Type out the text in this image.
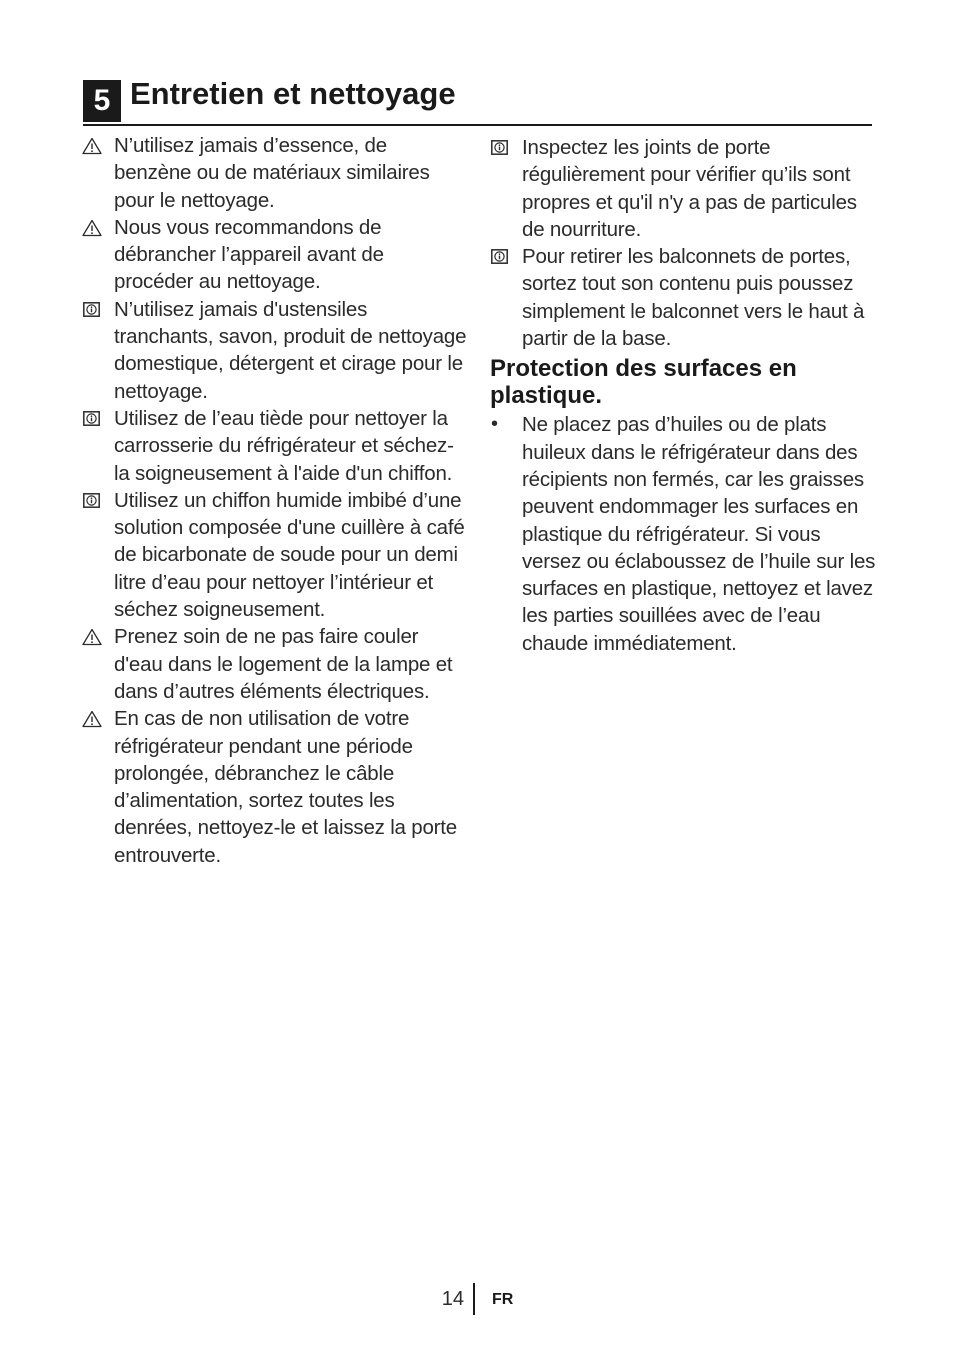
5 Entretien et nettoyage
N’utilisez jamais d’essence, de benzène ou de matériaux similaires pour le nettoyage.
Nous vous recommandons de débrancher l’appareil avant de procéder au nettoyage.
N’utilisez jamais d'ustensiles tranchants, savon, produit de nettoyage domestique, détergent et cirage pour le nettoyage.
Utilisez de l’eau tiède pour nettoyer la carrosserie du réfrigérateur et séchez-la soigneusement à l'aide d'un chiffon.
Utilisez un chiffon humide imbibé d’une solution composée d'une cuillère à café de bicarbonate de soude pour un demi litre d’eau pour nettoyer l’intérieur et séchez soigneusement.
Prenez soin de ne pas faire couler d'eau dans le logement de la lampe et dans d’autres éléments électriques.
En cas de non utilisation de votre réfrigérateur pendant une période prolongée, débranchez le câble d’alimentation, sortez toutes les denrées, nettoyez-le et laissez la porte entrouverte.
Inspectez les joints de porte régulièrement pour vérifier qu’ils sont propres et qu'il n'y a pas de particules de nourriture.
Pour retirer les balconnets de portes, sortez tout son contenu puis poussez simplement le balconnet vers le haut à partir de la base.
Protection des surfaces en plastique.
• Ne placez pas d’huiles ou de plats huileux dans le réfrigérateur dans des récipients non fermés, car les graisses peuvent endommager les surfaces en plastique du réfrigérateur. Si vous versez ou éclaboussez de l’huile sur les surfaces en plastique, nettoyez et lavez les parties souillées avec de l’eau chaude immédiatement.
14 FR
